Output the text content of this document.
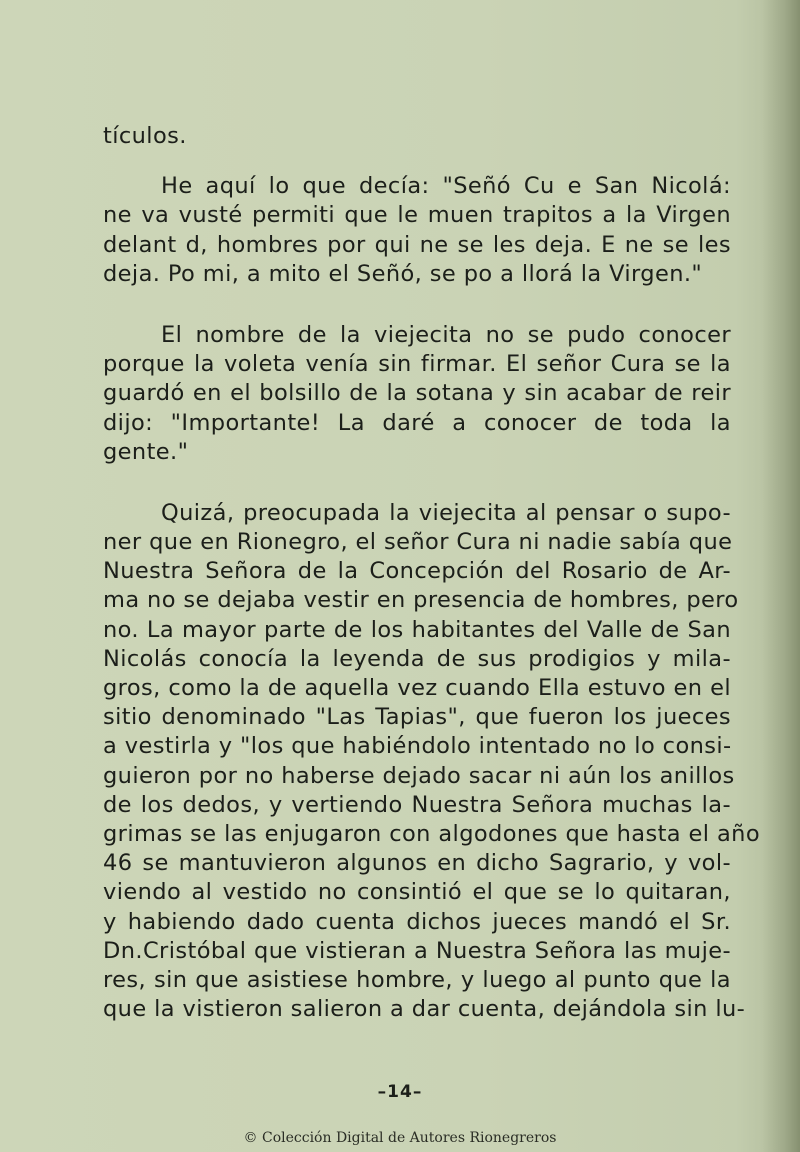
tículos.
He aquí lo que decía: "Señó Cu e San Nicolá:
ne va vusté permiti que le muen trapitos a la Virgen
delant d, hombres por qui ne se les deja. E ne se les
deja. Po mi, a mito el Señó, se po a llorá la Virgen."
El nombre de la viejecita no se pudo conocer
porque la voleta venía sin firmar. El señor Cura se la
guardó en el bolsillo de la sotana y sin acabar de reir
dijo: "Importante! La daré a conocer de toda la
gente."
Quizá, preocupada la viejecita al pensar o supo-
ner que en Rionegro, el señor Cura ni nadie sabía que
Nuestra Señora de la Concepción del Rosario de Ar-
ma no se dejaba vestir en presencia de hombres, pero
no. La mayor parte de los habitantes del Valle de San
Nicolás conocía la leyenda de sus prodigios y mila-
gros, como la de aquella vez cuando Ella estuvo en el
sitio denominado "Las Tapias", que fueron los jueces
a vestirla y "los que habiéndolo intentado no lo consi-
guieron por no haberse dejado sacar ni aún los anillos
de los dedos, y vertiendo Nuestra Señora muchas la-
grimas se las enjugaron con algodones que hasta el año
46 se mantuvieron algunos en dicho Sagrario, y vol-
viendo al vestido no consintió el que se lo quitaran,
y habiendo dado cuenta dichos jueces mandó el Sr.
Dn.Cristóbal que vistieran a Nuestra Señora las muje-
res, sin que asistiese hombre, y luego al punto que la
que la vistieron salieron a dar cuenta, dejándola sin lu-
–14–
© Colección Digital de Autores Rionegreros
